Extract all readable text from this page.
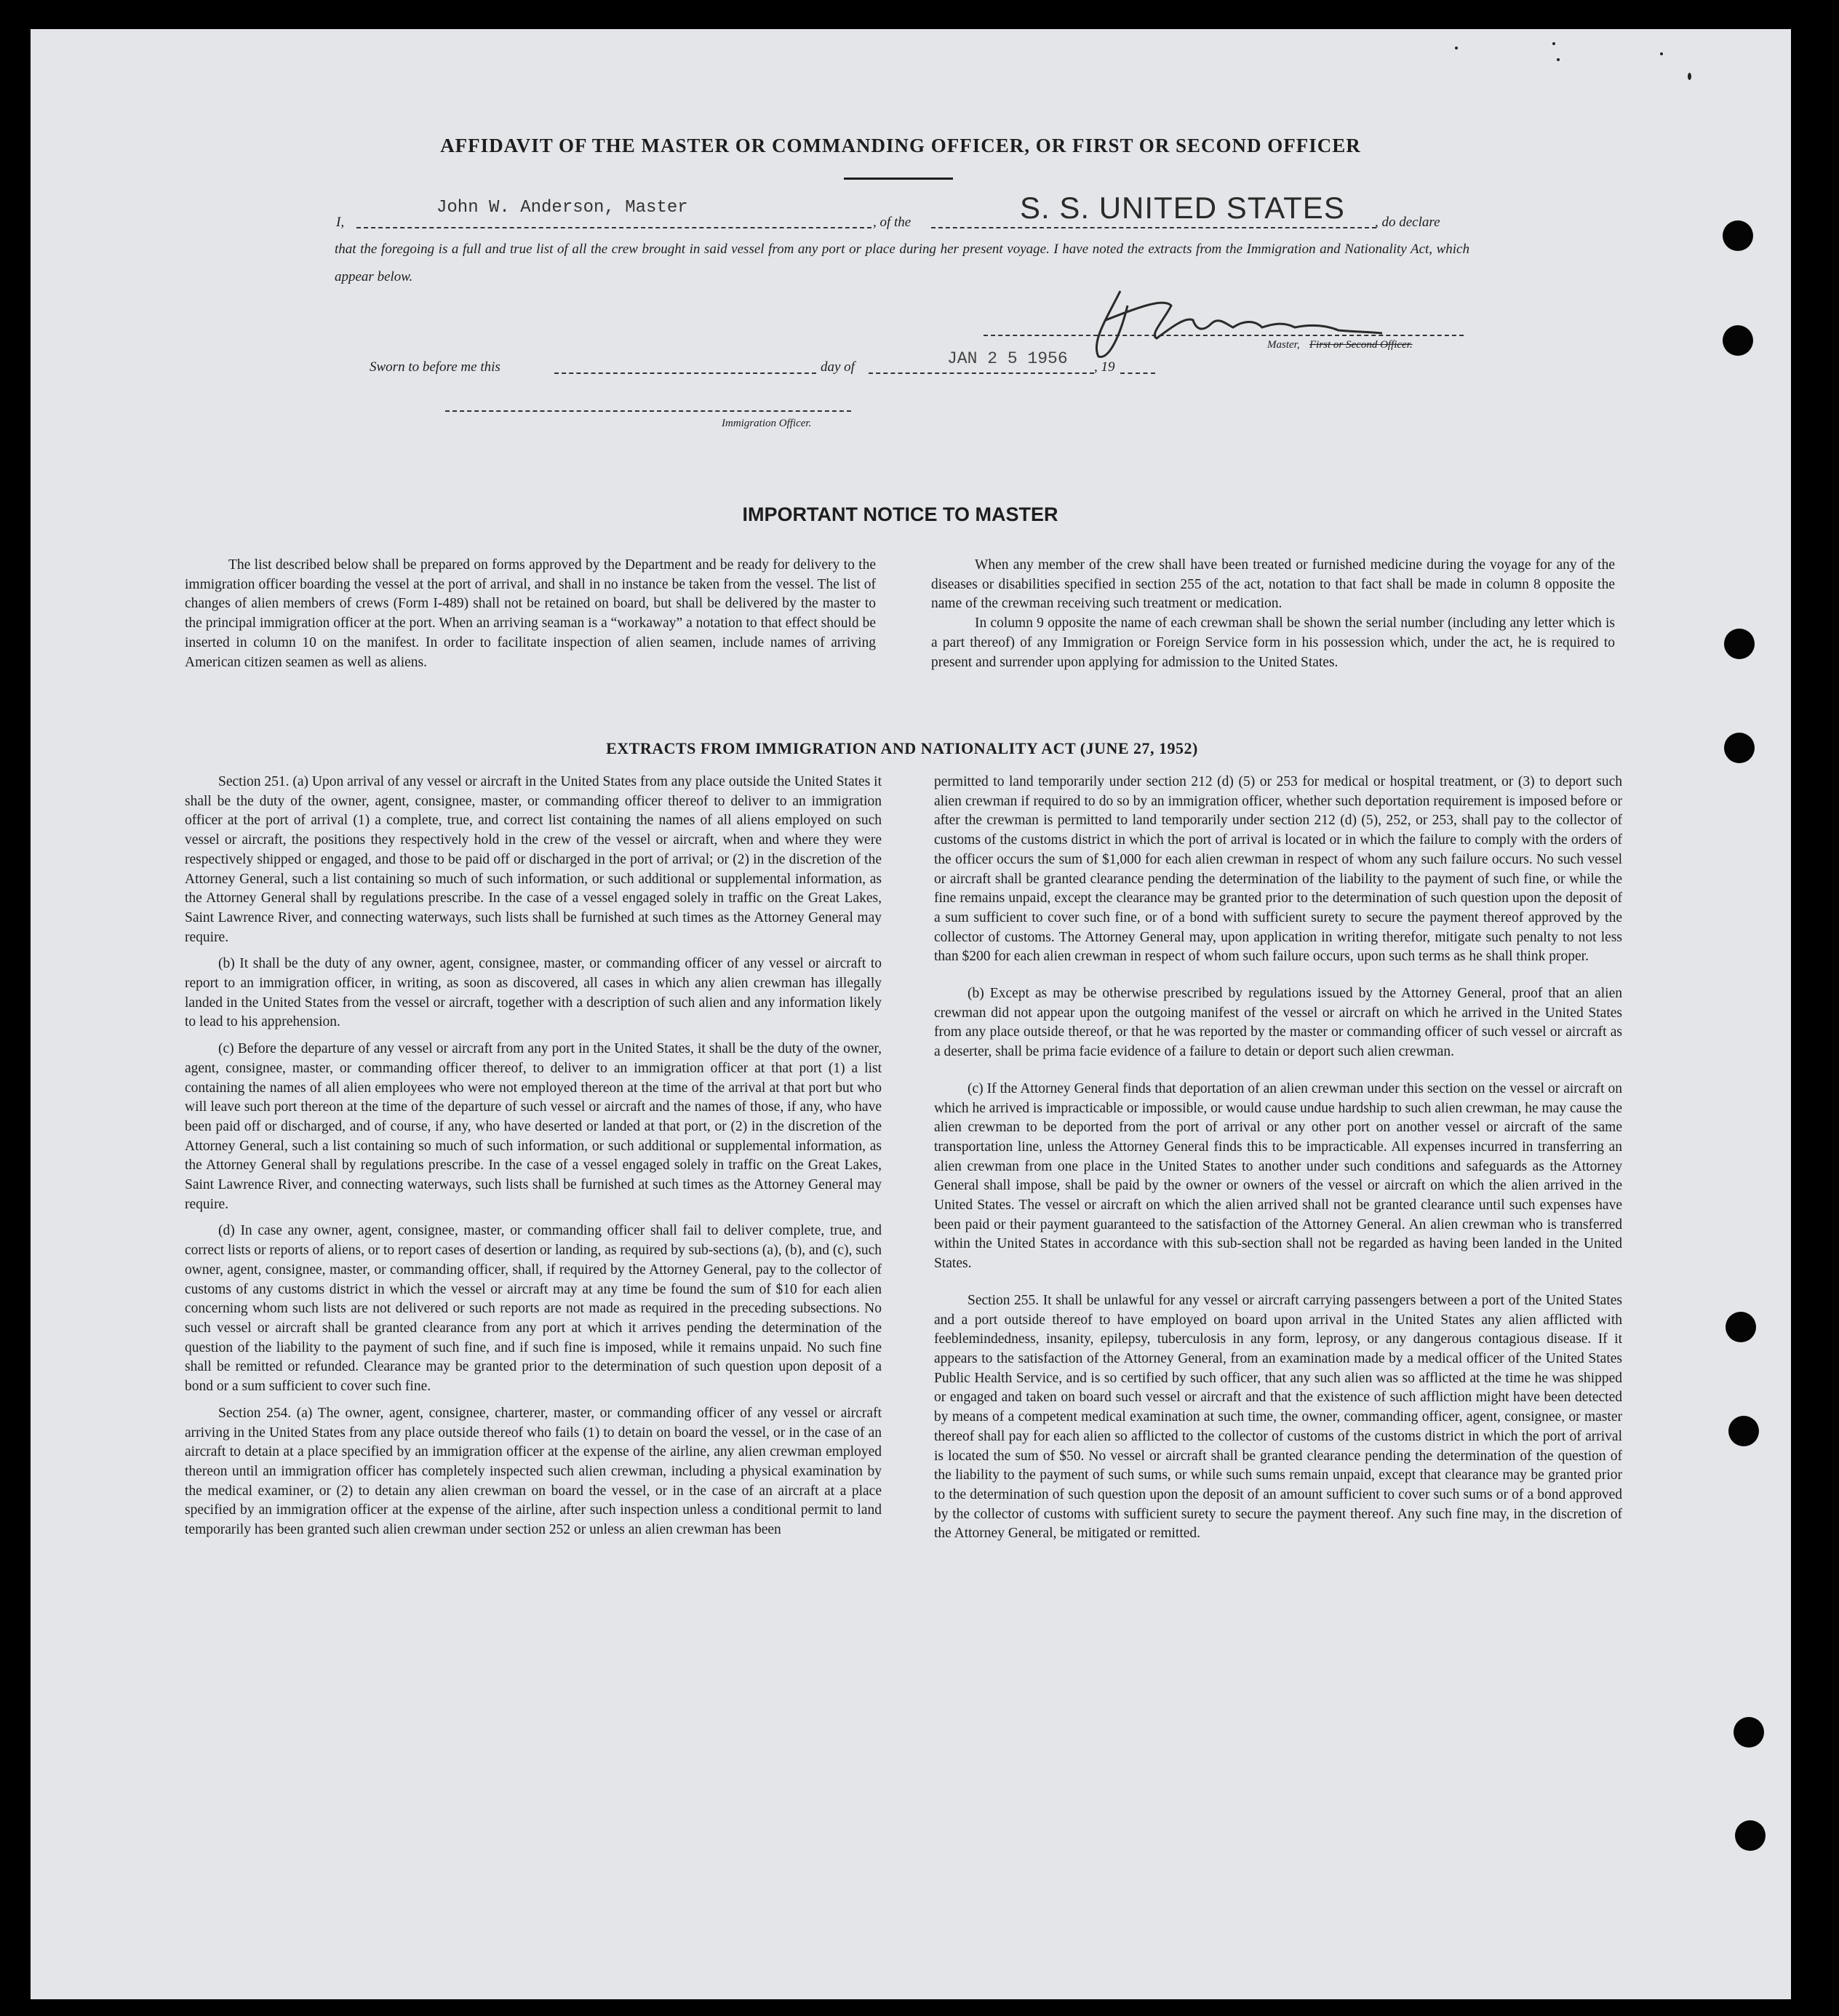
AFFIDAVIT OF THE MASTER OR COMMANDING OFFICER, OR FIRST OR SECOND OFFICER
I,
John W. Anderson, Master
, of the	S. S. UNITED STATES , do declare
that the foregoing is a full and true list of all the crew brought in said vessel from any port or place during her present voyage. I have noted the extracts from the Immigration and Nationality Act, which appear below.
Master, First or Second Officer.
Sworn to before me this	day of	JAN 2 5 1956 , 19
Immigration Officer.
IMPORTANT NOTICE TO MASTER

The list described below shall be prepared on forms approved by the Department and be ready for delivery to the immigration officer boarding the vessel at the port of arrival, and shall in no instance be taken from the vessel. The list of changes of alien members of crews (Form I-489) shall not be retained on board, but shall be delivered by the master to the principal immigration officer at the port. When an arriving seaman is a “workaway” a notation to that effect should be inserted in column 10 on the manifest. In order to facilitate inspection of alien seamen, include names of arriving American citizen seamen as well as aliens.

When any member of the crew shall have been treated or furnished medicine during the voyage for any of the diseases or disabilities specified in section 255 of the act, notation to that fact shall be made in column 8 opposite the name of the crewman receiving such treatment or medication.

In column 9 opposite the name of each crewman shall be shown the serial number (including any letter which is a part thereof) of any Immigration or Foreign Service form in his possession which, under the act, he is required to present and surrender upon applying for admission to the United States.

EXTRACTS FROM IMMIGRATION AND NATIONALITY ACT (JUNE 27, 1952)

Section 251. (a) Upon arrival of any vessel or aircraft in the United States from any place outside the United States it shall be the duty of the owner, agent, consignee, master, or commanding officer thereof to deliver to an immigration officer at the port of arrival (1) a complete, true, and correct list containing the names of all aliens employed on such vessel or aircraft, the positions they respectively hold in the crew of the vessel or aircraft, when and where they were respectively shipped or engaged, and those to be paid off or discharged in the port of arrival; or (2) in the discretion of the Attorney General, such a list containing so much of such information, or such additional or supplemental information, as the Attorney General shall by regulations prescribe. In the case of a vessel engaged solely in traffic on the Great Lakes, Saint Lawrence River, and connecting waterways, such lists shall be furnished at such times as the Attorney General may require.

(b) It shall be the duty of any owner, agent, consignee, master, or commanding officer of any vessel or aircraft to report to an immigration officer, in writing, as soon as discovered, all cases in which any alien crewman has illegally landed in the United States from the vessel or aircraft, together with a description of such alien and any information likely to lead to his apprehension.

(c) Before the departure of any vessel or aircraft from any port in the United States, it shall be the duty of the owner, agent, consignee, master, or commanding officer thereof, to deliver to an immigration officer at that port (1) a list containing the names of all alien employees who were not employed thereon at the time of the arrival at that port but who will leave such port thereon at the time of the departure of such vessel or aircraft and the names of those, if any, who have been paid off or discharged, and of course, if any, who have deserted or landed at that port, or (2) in the discretion of the Attorney General, such a list containing so much of such information, or such additional or supplemental information, as the Attorney General shall by regulations prescribe. In the case of a vessel engaged solely in traffic on the Great Lakes, Saint Lawrence River, and connecting waterways, such lists shall be furnished at such times as the Attorney General may require.

(d) In case any owner, agent, consignee, master, or commanding officer shall fail to deliver complete, true, and correct lists or reports of aliens, or to report cases of desertion or landing, as required by sub-sections (a), (b), and (c), such owner, agent, consignee, master, or commanding officer, shall, if required by the Attorney General, pay to the collector of customs of any customs district in which the vessel or aircraft may at any time be found the sum of $10 for each alien concerning whom such lists are not delivered or such reports are not made as required in the preceding subsections. No such vessel or aircraft shall be granted clearance from any port at which it arrives pending the determination of the question of the liability to the payment of such fine, and if such fine is imposed, while it remains unpaid. No such fine shall be remitted or refunded. Clearance may be granted prior to the determination of such question upon deposit of a bond or a sum sufficient to cover such fine.

Section 254. (a) The owner, agent, consignee, charterer, master, or commanding officer of any vessel or aircraft arriving in the United States from any place outside thereof who fails (1) to detain on board the vessel, or in the case of an aircraft to detain at a place specified by an immigration officer at the expense of the airline, any alien crewman employed thereon until an immigration officer has completely inspected such alien crewman, including a physical examination by the medical examiner, or (2) to detain any alien crewman on board the vessel, or in the case of an aircraft at a place specified by an immigration officer at the expense of the airline, after such inspection unless a conditional permit to land temporarily has been granted such alien crewman under section 252 or unless an alien crewman has been

permitted to land temporarily under section 212 (d) (5) or 253 for medical or hospital treatment, or (3) to deport such alien crewman if required to do so by an immigration officer, whether such deportation requirement is imposed before or after the crewman is permitted to land temporarily under section 212 (d) (5), 252, or 253, shall pay to the collector of customs of the customs district in which the port of arrival is located or in which the failure to comply with the orders of the officer occurs the sum of $1,000 for each alien crewman in respect of whom any such failure occurs. No such vessel or aircraft shall be granted clearance pending the determination of the liability to the payment of such fine, or while the fine remains unpaid, except the clearance may be granted prior to the determination of such question upon the deposit of a sum sufficient to cover such fine, or of a bond with sufficient surety to secure the payment thereof approved by the collector of customs. The Attorney General may, upon application in writing therefor, mitigate such penalty to not less than $200 for each alien crewman in respect of whom such failure occurs, upon such terms as he shall think proper.

(b) Except as may be otherwise prescribed by regulations issued by the Attorney General, proof that an alien crewman did not appear upon the outgoing manifest of the vessel or aircraft on which he arrived in the United States from any place outside thereof, or that he was reported by the master or commanding officer of such vessel or aircraft as a deserter, shall be prima facie evidence of a failure to detain or deport such alien crewman.

(c) If the Attorney General finds that deportation of an alien crewman under this section on the vessel or aircraft on which he arrived is impracticable or impossible, or would cause undue hardship to such alien crewman, he may cause the alien crewman to be deported from the port of arrival or any other port on another vessel or aircraft of the same transportation line, unless the Attorney General finds this to be impracticable. All expenses incurred in transferring an alien crewman from one place in the United States to another under such conditions and safeguards as the Attorney General shall impose, shall be paid by the owner or owners of the vessel or aircraft on which the alien arrived in the United States. The vessel or aircraft on which the alien arrived shall not be granted clearance until such expenses have been paid or their payment guaranteed to the satisfaction of the Attorney General. An alien crewman who is transferred within the United States in accordance with this sub-section shall not be regarded as having been landed in the United States.

Section 255. It shall be unlawful for any vessel or aircraft carrying passengers between a port of the United States and a port outside thereof to have employed on board upon arrival in the United States any alien afflicted with feeblemindedness, insanity, epilepsy, tuberculosis in any form, leprosy, or any dangerous contagious disease. If it appears to the satisfaction of the Attorney General, from an examination made by a medical officer of the United States Public Health Service, and is so certified by such officer, that any such alien was so afflicted at the time he was shipped or engaged and taken on board such vessel or aircraft and that the existence of such affliction might have been detected by means of a competent medical examination at such time, the owner, commanding officer, agent, consignee, or master thereof shall pay for each alien so afflicted to the collector of customs of the customs district in which the port of arrival is located the sum of $50. No vessel or aircraft shall be granted clearance pending the determination of the question of the liability to the payment of such sums, or while such sums remain unpaid, except that clearance may be granted prior to the determination of such question upon the deposit of an amount sufficient to cover such sums or of a bond approved by the collector of customs with sufficient surety to secure the payment thereof. Any such fine may, in the discretion of the Attorney General, be mitigated or remitted.
